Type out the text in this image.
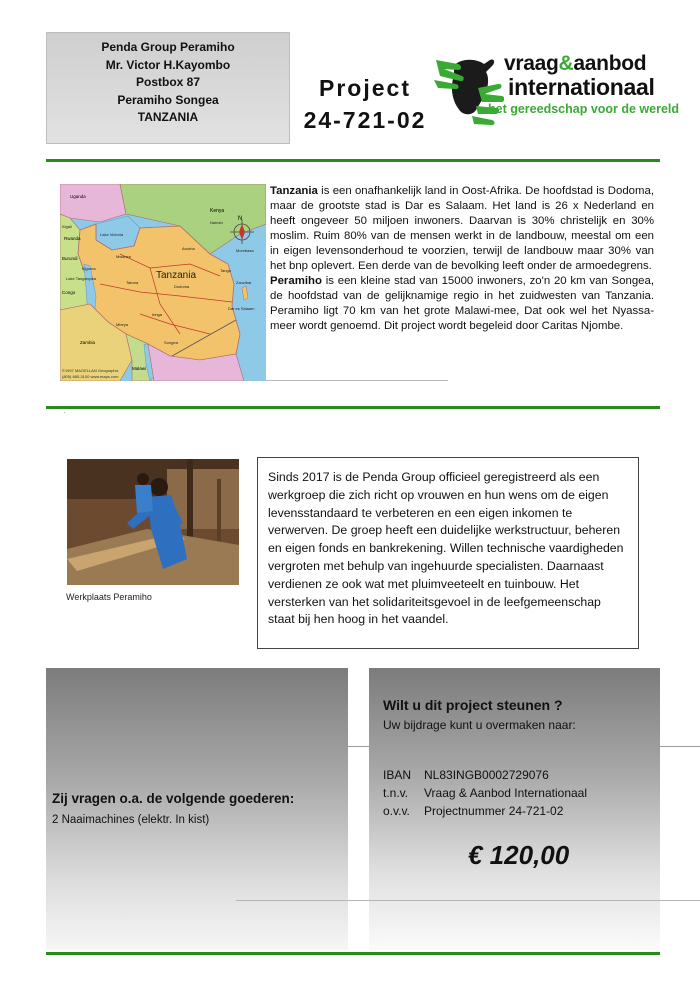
Penda Group Peramiho
Mr. Victor H.Kayombo
Postbox 87
Peramiho Songea
TANZANIA
Project
24-721-02
vraag&aanbod
internationaal
het gereedschap voor de wereld
N
Tanzania
Kenya
Uganda
Rwanda
Burundi
Congo
Zambia
Malawi
Kigali
Nairobi
Mombasa
Dodoma
Dar es Salaam
Zanzibar
Lake Victoria
Lake Tanganyika
Mwanza
Tabora
Mbeya
Songea
Arusha
Tanga
Iringa
Kigoma
©1997 MAGELLAN Geographix
(805) 685-3100 www.maps.com

Tanzania is een onafhankelijk land in Oost-Afrika. De hoofdstad is Dodoma, maar de grootste stad is Dar es Salaam. Het land is 26 x Nederland en heeft ongeveer 50 miljoen inwoners. Daarvan is 30% christelijk en 30% moslim. Ruim 80% van de mensen werkt in de landbouw, meestal om een in eigen levensonderhoud te voorzien, terwijl de landbouw maar 30% van het bnp oplevert. Een derde van de bevolking leeft onder de armoedegrens.

Peramiho is een kleine stad van 15000 inwoners, zo'n 20 km van Songea, de hoofdstad van de gelijknamige regio in het zuidwesten van Tanzania. Peramiho ligt 70 km van het grote Malawi-mee, Dat ook wel het Nyassa-meer wordt genoemd. Dit project wordt begeleid door Caritas Njombe.

'.
Werkplaats Peramiho
Sinds 2017 is de Penda Group officieel geregistreerd als een werkgroep die zich richt op vrouwen en hun wens om de eigen levensstandaard te verbeteren en een eigen inkomen te verwerven. De groep heeft een duidelijke werkstructuur, beheren en eigen fonds en bankrekening. Willen technische vaardigheden vergroten met behulp van ingehuurde specialisten. Daarnaast verdienen ze ook wat met pluimveeteelt en tuinbouw. Het versterken van het solidariteitsgevoel in de leefgemeenschap staat bij hen hoog in het vaandel.
Zij vragen o.a. de volgende goederen:
2 Naaimachines (elektr. In kist)
Wilt u dit project steunen ?
Uw bijdrage kunt u overmaken naar:
IBAN NL83INGB0002729076
t.n.v. Vraag & Aanbod Internationaal
o.v.v. Projectnummer 24-721-02
€ 120,00
